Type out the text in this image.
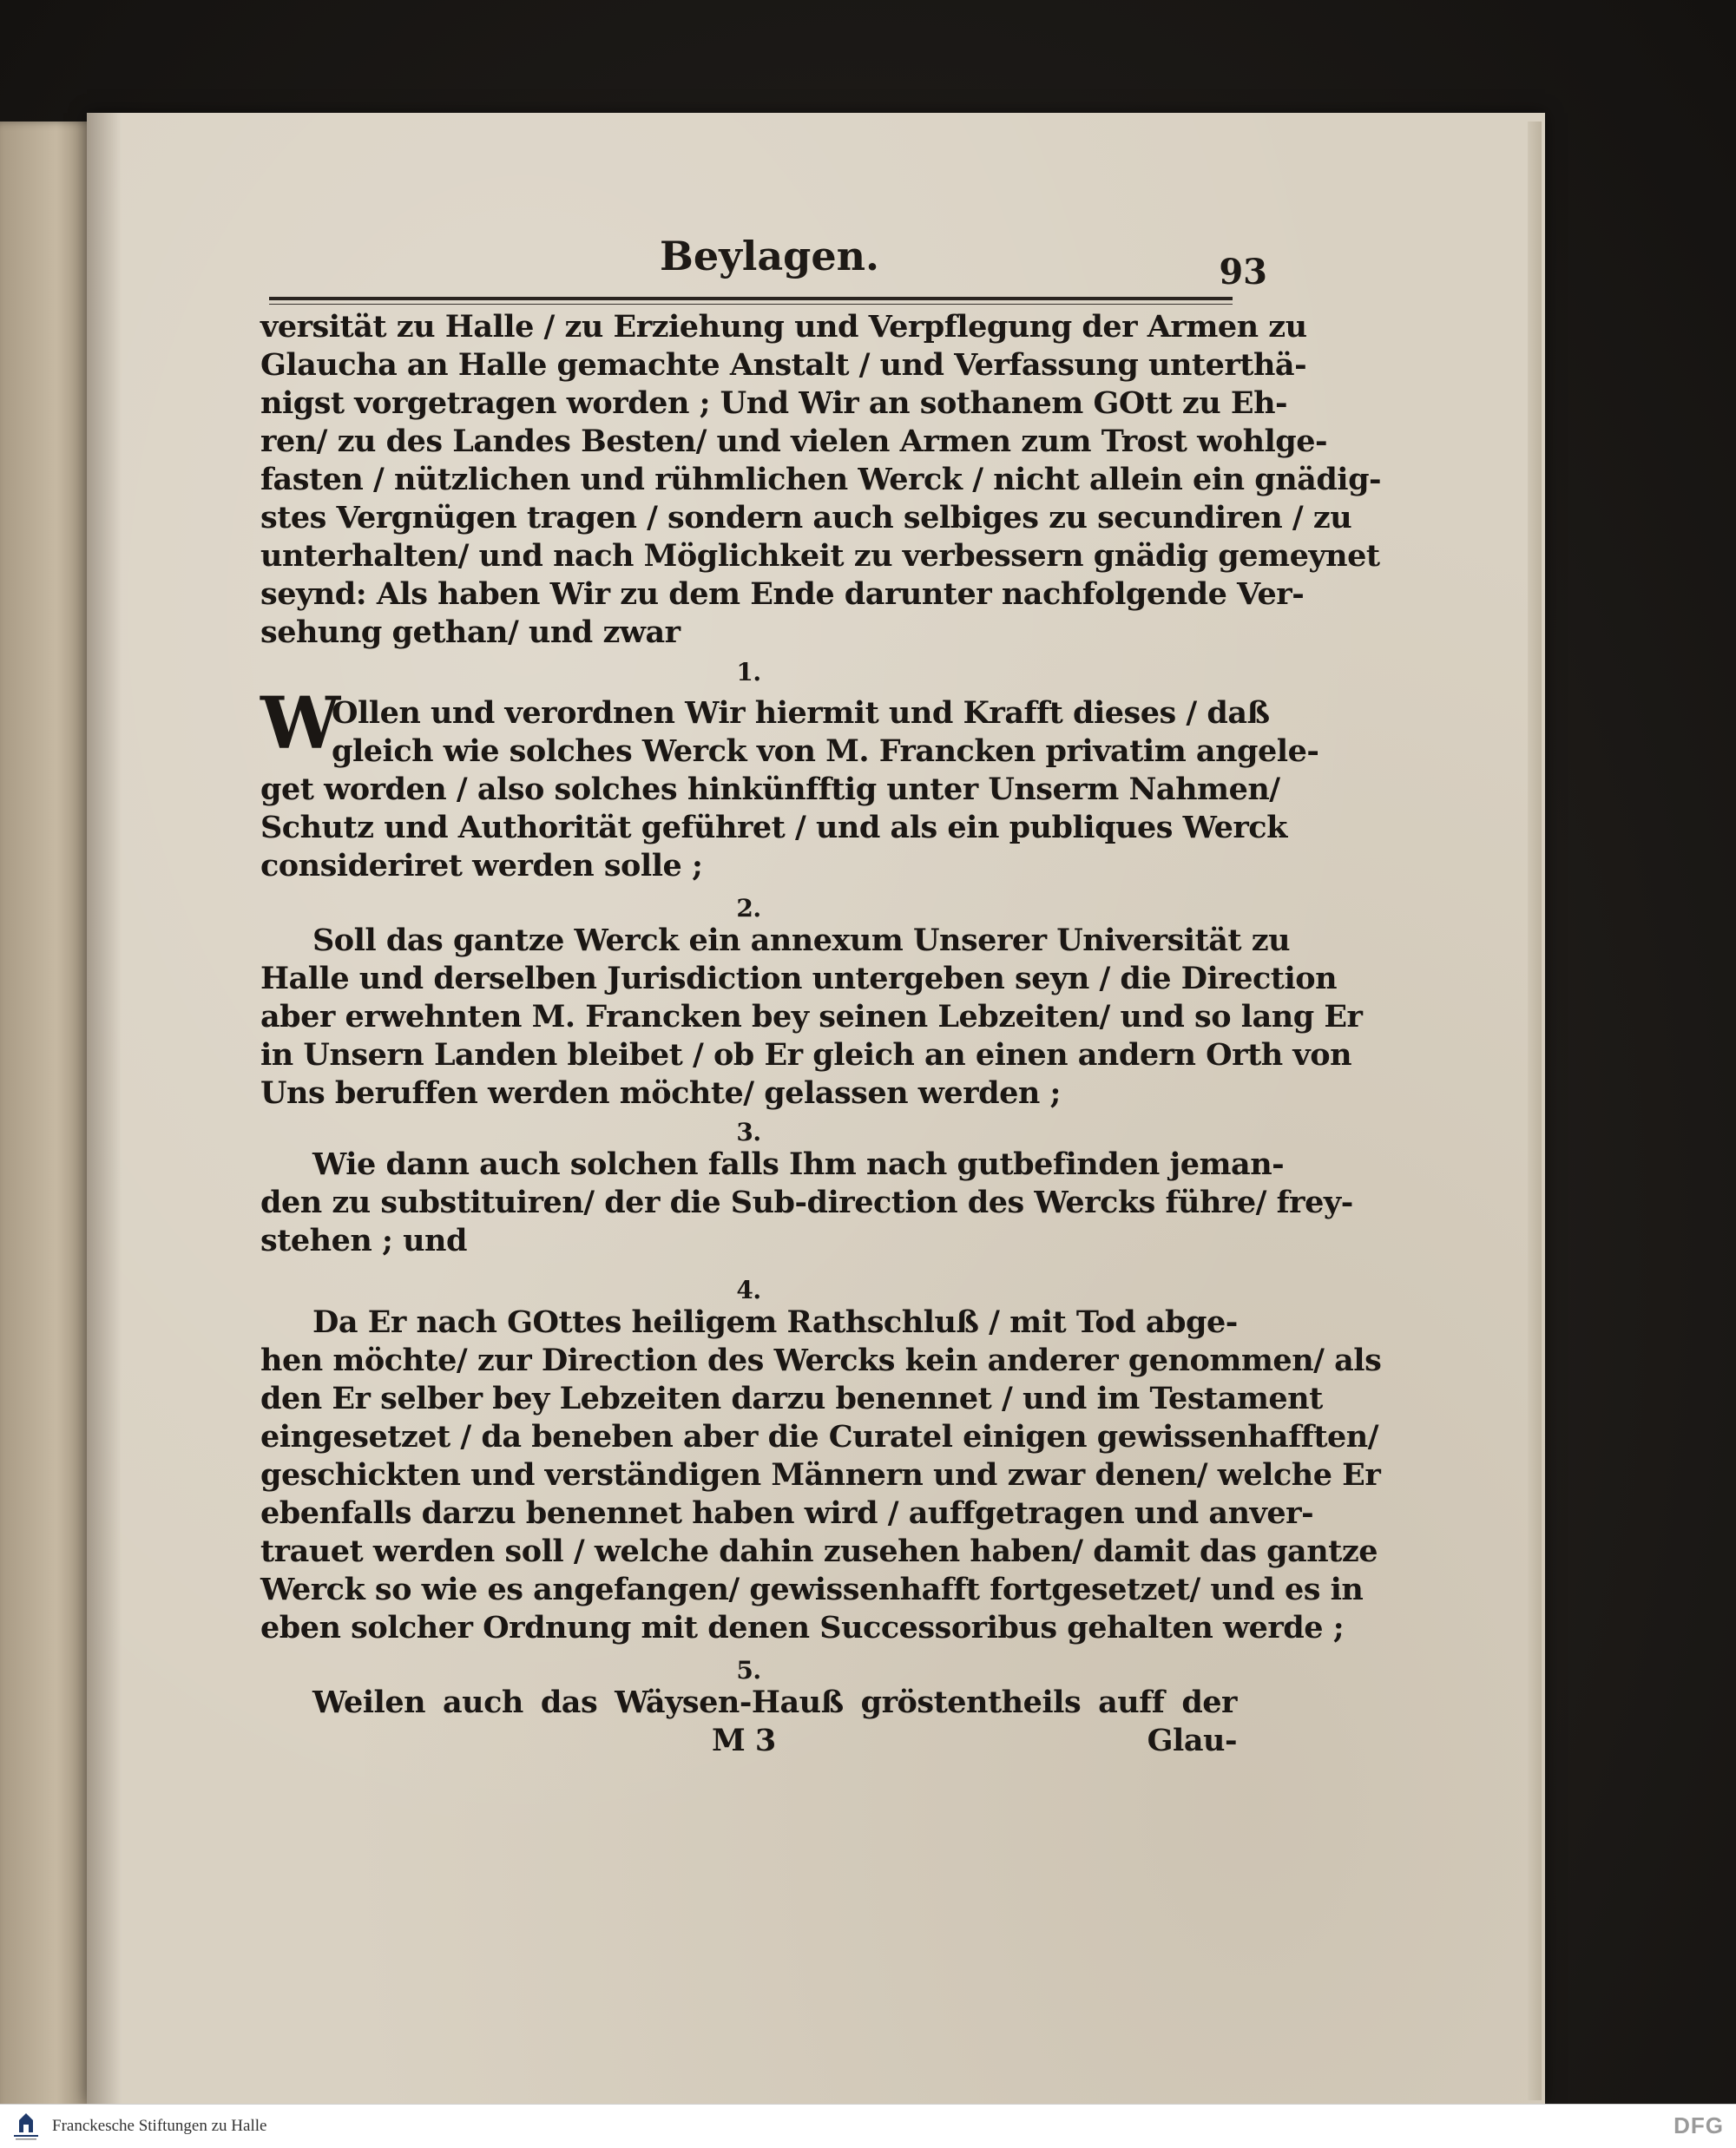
Beylagen.	93
versität zu Halle / zu Erziehung und Verpflegung der Armen zu
Glaucha an Halle gemachte Anstalt / und Verfassung unterthä-
nigst vorgetragen worden ; Und Wir an sothanem GOtt zu Eh-
ren/ zu des Landes Besten/ und vielen Armen zum Trost wohlge-
fasten / nützlichen und rühmlichen Werck / nicht allein ein gnädig-
stes Vergnügen tragen / sondern auch selbiges zu secundiren / zu
unterhalten/ und nach Möglichkeit zu verbessern gnädig gemeynet
seynd: Als haben Wir zu dem Ende darunter nachfolgende Ver-
sehung gethan/ und zwar
1.
W
Ollen und verordnen Wir hiermit und Krafft dieses / daß
gleich wie solches Werck von M. Francken privatim angele-
get worden / also solches hinkünfftig unter Unserm Nahmen/
Schutz und Authorität geführet / und als ein publiques Werck
consideriret werden solle ;
2.
Soll das gantze Werck ein annexum Unserer Universität zu
Halle und derselben Jurisdiction untergeben seyn / die Direction
aber erwehnten M. Francken bey seinen Lebzeiten/ und so lang Er
in Unsern Landen bleibet / ob Er gleich an einen andern Orth von
Uns beruffen werden möchte/ gelassen werden ;
3.
Wie dann auch solchen falls Ihm nach gutbefinden jeman-
den zu substituiren/ der die Sub-direction des Wercks führe/ frey-
stehen ; und
4.
Da Er nach GOttes heiligem Rathschluß / mit Tod abge-
hen möchte/ zur Direction des Wercks kein anderer genommen/ als
den Er selber bey Lebzeiten darzu benennet / und im Testament
eingesetzet / da beneben aber die Curatel einigen gewissenhafften/
geschickten und verständigen Männern und zwar denen/ welche Er
ebenfalls darzu benennet haben wird / auffgetragen und anver-
trauet werden soll / welche dahin zusehen haben/ damit das gantze
Werck so wie es angefangen/ gewissenhafft fortgesetzet/ und es in
eben solcher Ordnung mit denen Successoribus gehalten werde ;
5.
Weilen auch das Wäysen-Hauß gröstentheils auff der
M 3	Glau-
Franckesche Stiftungen zu Halle	DFG
